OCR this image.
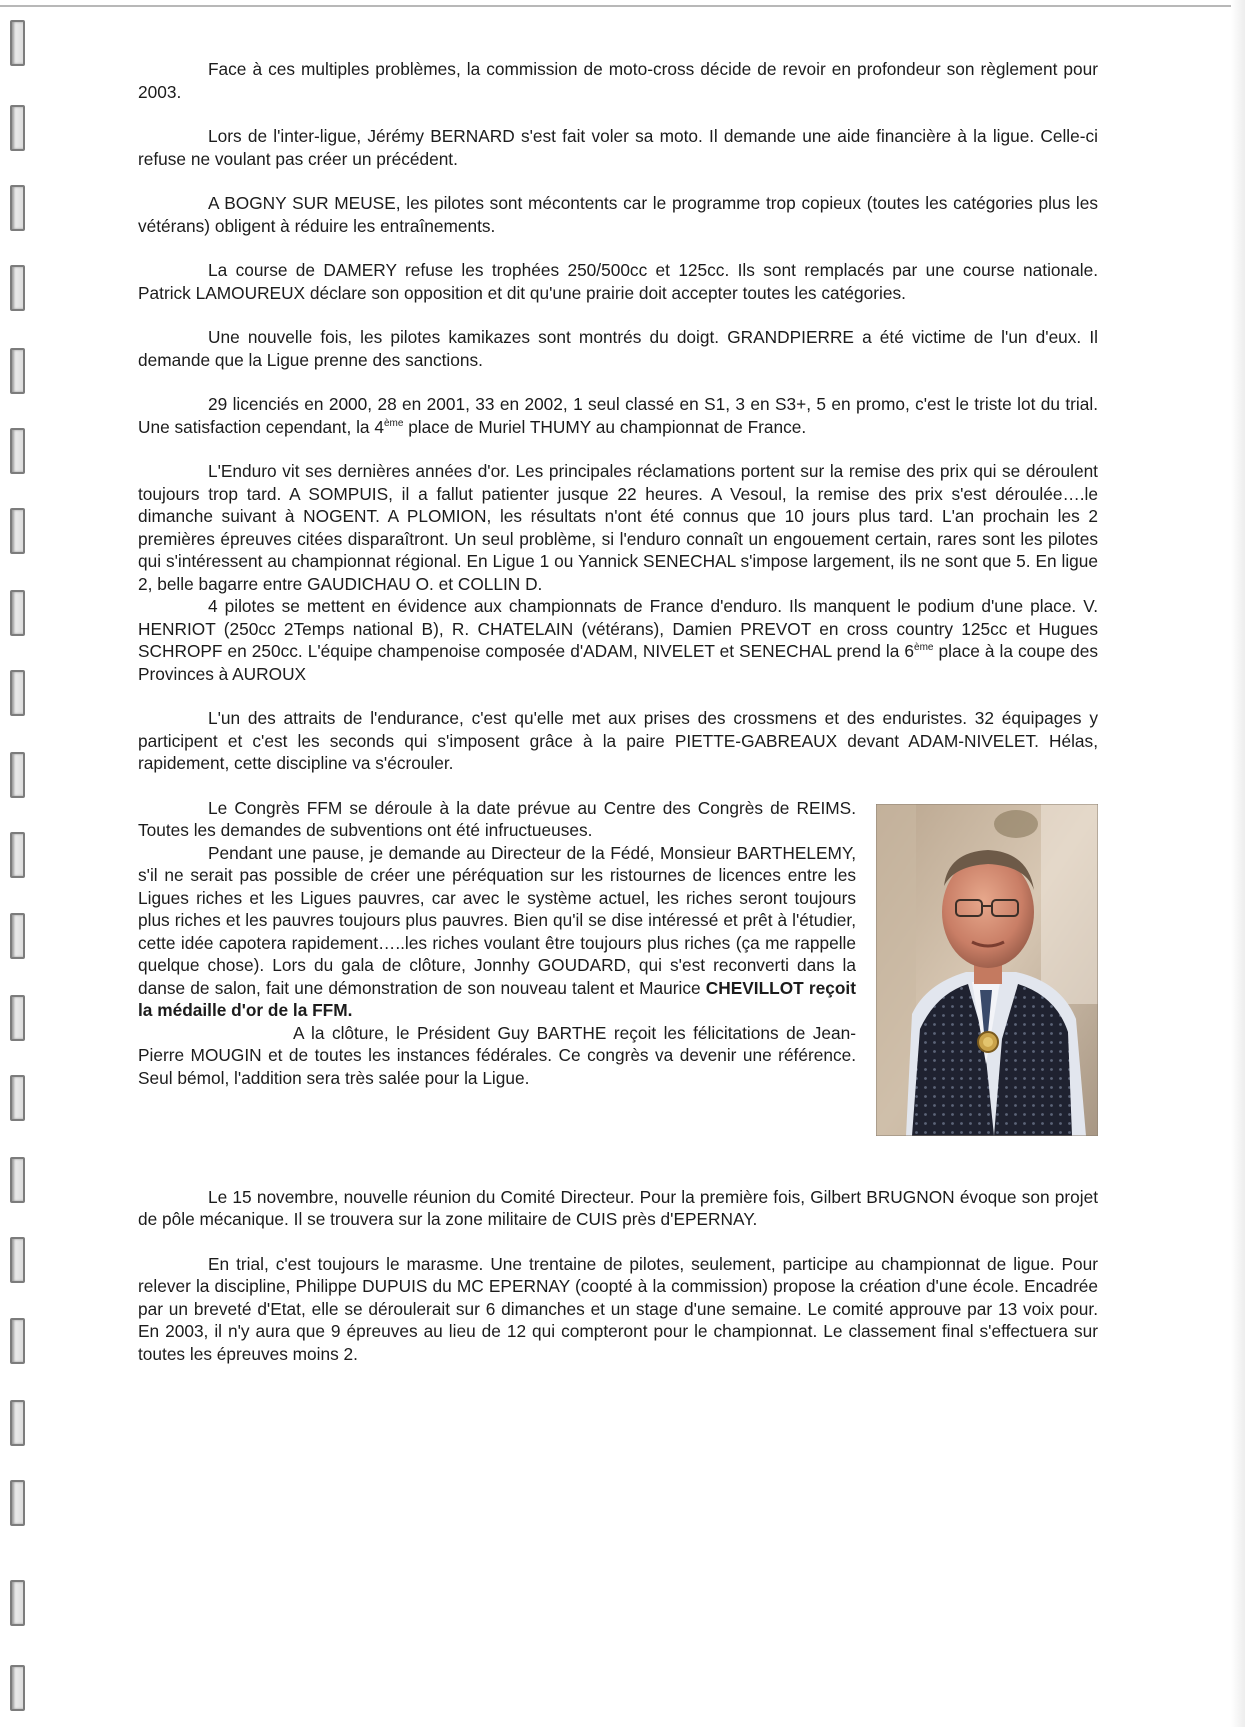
Face à ces multiples problèmes, la commission de moto-cross décide de revoir en profondeur son règlement pour 2003.

Lors de l'inter-ligue, Jérémy BERNARD s'est fait voler sa moto. Il demande une aide financière à la ligue. Celle-ci refuse ne voulant pas créer un précédent.

A BOGNY SUR MEUSE, les pilotes sont mécontents car le programme trop copieux (toutes les catégories plus les vétérans) obligent à réduire les entraînements.

La course de DAMERY refuse les trophées 250/500cc et 125cc. Ils sont remplacés par une course nationale. Patrick LAMOUREUX déclare son opposition et dit qu'une prairie doit accepter toutes les catégories.

Une nouvelle fois, les pilotes kamikazes sont montrés du doigt. GRANDPIERRE a été victime de l'un d'eux. Il demande que la Ligue prenne des sanctions.

29 licenciés en 2000, 28 en 2001, 33 en 2002, 1 seul classé en S1, 3 en S3+, 5 en promo, c'est le triste lot du trial. Une satisfaction cependant, la 4ème place de Muriel THUMY au championnat de France.

L'Enduro vit ses dernières années d'or. Les principales réclamations portent sur la remise des prix qui se déroulent toujours trop tard. A SOMPUIS, il a fallut patienter jusque 22 heures. A Vesoul, la remise des prix s'est déroulée….le dimanche suivant à NOGENT. A PLOMION, les résultats n'ont été connus que 10 jours plus tard. L'an prochain les 2 premières épreuves citées disparaîtront. Un seul problème, si l'enduro connaît un engouement certain, rares sont les pilotes qui s'intéressent au championnat régional. En Ligue 1 ou Yannick SENECHAL s'impose largement, ils ne sont que 5. En ligue 2, belle bagarre entre GAUDICHAU O. et COLLIN D.

4 pilotes se mettent en évidence aux championnats de France d'enduro. Ils manquent le podium d'une place. V. HENRIOT (250cc 2Temps national B), R. CHATELAIN (vétérans), Damien PREVOT en cross country 125cc et Hugues SCHROPF en 250cc. L'équipe champenoise composée d'ADAM, NIVELET et SENECHAL prend la 6ème place à la coupe des Provinces à AUROUX

L'un des attraits de l'endurance, c'est qu'elle met aux prises des crossmens et des enduristes. 32 équipages y participent et c'est les seconds qui s'imposent grâce à la paire PIETTE-GABREAUX devant ADAM-NIVELET. Hélas, rapidement, cette discipline va s'écrouler.

Le Congrès FFM se déroule à la date prévue au Centre des Congrès de REIMS. Toutes les demandes de subventions ont été infructueuses.

Pendant une pause, je demande au Directeur de la Fédé, Monsieur BARTHELEMY, s'il ne serait pas possible de créer une péréquation sur les ristournes de licences entre les Ligues riches et les Ligues pauvres, car avec le système actuel, les riches seront toujours plus riches et les pauvres toujours plus pauvres. Bien qu'il se dise intéressé et prêt à l'étudier, cette idée capotera rapidement…..les riches voulant être toujours plus riches (ça me rappelle quelque chose). Lors du gala de clôture, Jonnhy GOUDARD, qui s'est reconverti dans la danse de salon, fait une démonstration de son nouveau talent et Maurice CHEVILLOT reçoit la médaille d'or de la FFM.

A la clôture, le Président Guy BARTHE reçoit les félicitations de Jean-Pierre MOUGIN et de toutes les instances fédérales. Ce congrès va devenir une référence. Seul bémol, l'addition sera très salée pour la Ligue.

Le 15 novembre, nouvelle réunion du Comité Directeur. Pour la première fois, Gilbert BRUGNON évoque son projet de pôle mécanique. Il se trouvera sur la zone militaire de CUIS près d'EPERNAY.

En trial, c'est toujours le marasme. Une trentaine de pilotes, seulement, participe au championnat de ligue. Pour relever la discipline, Philippe DUPUIS du MC EPERNAY (coopté à la commission) propose la création d'une école. Encadrée par un breveté d'Etat, elle se déroulerait sur 6 dimanches et un stage d'une semaine. Le comité approuve par 13 voix pour. En 2003, il n'y aura que 9 épreuves au lieu de 12 qui compteront pour le championnat. Le classement final s'effectuera sur toutes les épreuves moins 2.
